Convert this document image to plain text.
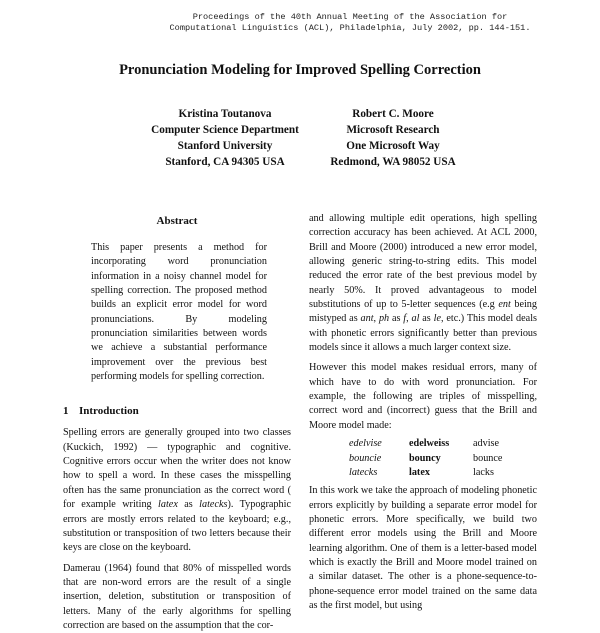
Proceedings of the 40th Annual Meeting of the Association for
Computational Linguistics (ACL), Philadelphia, July 2002, pp. 144-151.
Pronunciation Modeling for Improved Spelling Correction
Kristina Toutanova
Computer Science Department
Stanford University
Stanford, CA 94305 USA
Robert C. Moore
Microsoft Research
One Microsoft Way
Redmond, WA 98052 USA
Abstract
This paper presents a method for incorporating word pronunciation information in a noisy channel model for spelling correction. The proposed method builds an explicit error model for word pronunciations. By modeling pronunciation similarities between words we achieve a substantial performance improvement over the previous best performing models for spelling correction.
1 Introduction

Spelling errors are generally grouped into two classes (Kuckich, 1992) — typographic and cognitive. Cognitive errors occur when the writer does not know how to spell a word. In these cases the misspelling often has the same pronunciation as the correct word ( for example writing latex as latecks). Typographic errors are mostly errors related to the keyboard; e.g., substitution or transposition of two letters because their keys are close on the keyboard.

Damerau (1964) found that 80% of misspelled words that are non-word errors are the result of a single insertion, deletion, substitution or transposition of letters. Many of the early algorithms for spelling correction are based on the assumption that the cor-

and allowing multiple edit operations, high spelling correction accuracy has been achieved. At ACL 2000, Brill and Moore (2000) introduced a new error model, allowing generic string-to-string edits. This model reduced the error rate of the best previous model by nearly 50%. It proved advantageous to model substitutions of up to 5-letter sequences (e.g ent being mistyped as ant, ph as f, al as le, etc.) This model deals with phonetic errors significantly better than previous models since it allows a much larger context size.

However this model makes residual errors, many of which have to do with word pronunciation. For example, the following are triples of misspelling, correct word and (incorrect) guess that the Brill and Moore model made:

edelvise	edelweiss	advise
bouncie	bouncy	bounce
latecks	latex	lacks

In this work we take the approach of modeling phonetic errors explicitly by building a separate error model for phonetic errors. More specifically, we build two different error models using the Brill and Moore learning algorithm. One of them is a letter-based model which is exactly the Brill and Moore model trained on a similar dataset. The other is a phone-sequence-to-phone-sequence error model trained on the same data as the first model, but using
